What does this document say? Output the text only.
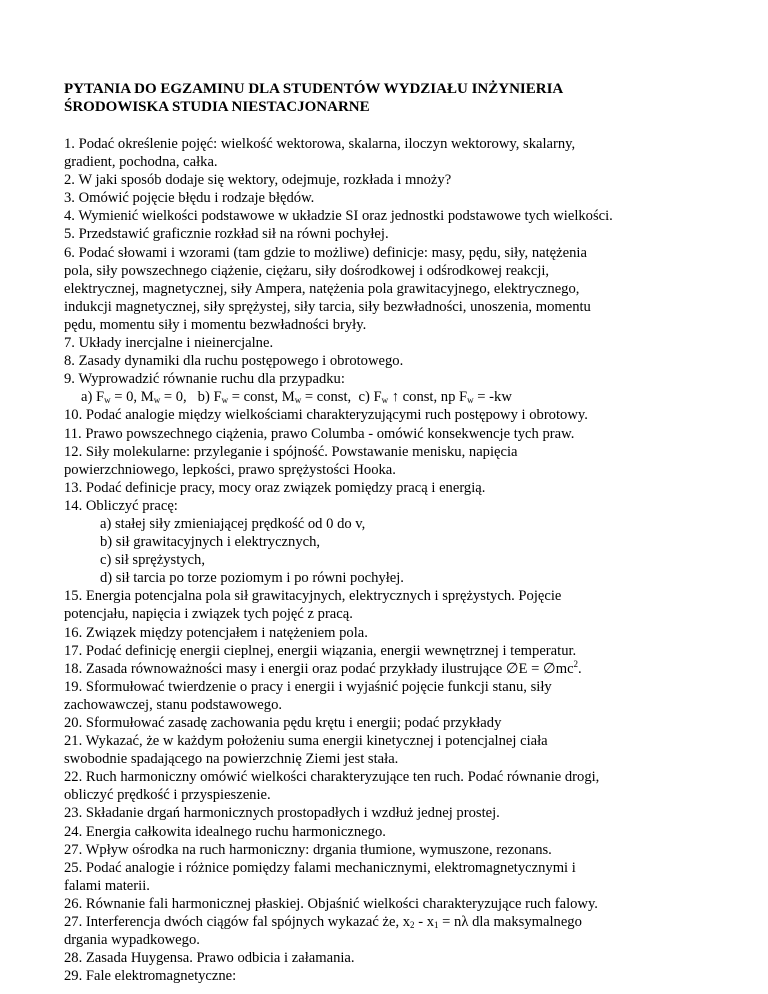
PYTANIA DO EGZAMINU DLA STUDENTÓW WYDZIAŁU INŻYNIERIA
ŚRODOWISKA STUDIA NIESTACJONARNE
1. Podać określenie pojęć: wielkość wektorowa, skalarna, iloczyn wektorowy, skalarny,
gradient, pochodna, całka.
2. W jaki sposób dodaje się wektory, odejmuje, rozkłada i mnoży?
3. Omówić pojęcie błędu i rodzaje błędów.
4. Wymienić wielkości podstawowe w układzie SI oraz jednostki podstawowe tych wielkości.
5. Przedstawić graficznie rozkład sił na równi pochyłej.
6. Podać słowami i wzorami (tam gdzie to możliwe) definicje: masy, pędu, siły, natężenia
pola, siły powszechnego ciążenie, ciężaru, siły dośrodkowej i odśrodkowej reakcji,
elektrycznej, magnetycznej, siły Ampera, natężenia pola grawitacyjnego, elektrycznego,
indukcji magnetycznej, siły sprężystej, siły tarcia, siły bezwładności, unoszenia, momentu
pędu, momentu siły i momentu bezwładności bryły.
7. Układy inercjalne i nieinercjalne.
8. Zasady dynamiki dla ruchu postępowego i obrotowego.
9. Wyprowadzić równanie ruchu dla przypadku:
a) $F_w = 0$, $M_w = 0$,   b) $F_w$ = const, $M_w$ = const,  c) $F_w$ ↑ const, np $F_w = -kw$
10. Podać analogie między wielkościami charakteryzującymi ruch postępowy i obrotowy.
11. Prawo powszechnego ciążenia, prawo Columba - omówić konsekwencje tych praw.
12. Siły molekularne: przyleganie i spójność. Powstawanie menisku, napięcia
powierzchniowego, lepkości, prawo sprężystości Hooka.
13. Podać definicje pracy, mocy oraz związek pomiędzy pracą i energią.
14. Obliczyć pracę:
a) stałej siły zmieniającej prędkość od 0 do v,
b) sił grawitacyjnych i elektrycznych,
c) sił sprężystych,
d) sił tarcia po torze poziomym i po równi pochyłej.
15. Energia potencjalna pola sił grawitacyjnych, elektrycznych i sprężystych. Pojęcie
potencjału, napięcia i związek tych pojęć z pracą.
16. Związek między potencjałem i natężeniem pola.
17. Podać definicję energii cieplnej, energii wiązania, energii wewnętrznej i temperatur.
18. Zasada równoważności masy i energii oraz podać przykłady ilustrujące ∅E = $\emptyset mc^2$.
19. Sformułować twierdzenie o pracy i energii i wyjaśnić pojęcie funkcji stanu, siły
zachowawczej, stanu podstawowego.
20. Sformułować zasadę zachowania pędu krętu i energii; podać przykłady
21. Wykazać, że w każdym położeniu suma energii kinetycznej i potencjalnej ciała
swobodnie spadającego na powierzchnię Ziemi jest stała.
22. Ruch harmoniczny omówić wielkości charakteryzujące ten ruch. Podać równanie drogi,
obliczyć prędkość i przyspieszenie.
23. Składanie drgań harmonicznych prostopadłych i wzdłuż jednej prostej.
24. Energia całkowita idealnego ruchu harmonicznego.
27. Wpływ ośrodka na ruch harmoniczny: drgania tłumione, wymuszone, rezonans.
25. Podać analogie i różnice pomiędzy falami mechanicznymi, elektromagnetycznymi i
falami materii.
26. Równanie fali harmonicznej płaskiej. Objaśnić wielkości charakteryzujące ruch falowy.
27. Interferencja dwóch ciągów fal spójnych wykazać że, $x_2 - x_1 = n\lambda$ dla maksymalnego
drgania wypadkowego.
28. Zasada Huygensa. Prawo odbicia i załamania.
29. Fale elektromagnetyczne:
